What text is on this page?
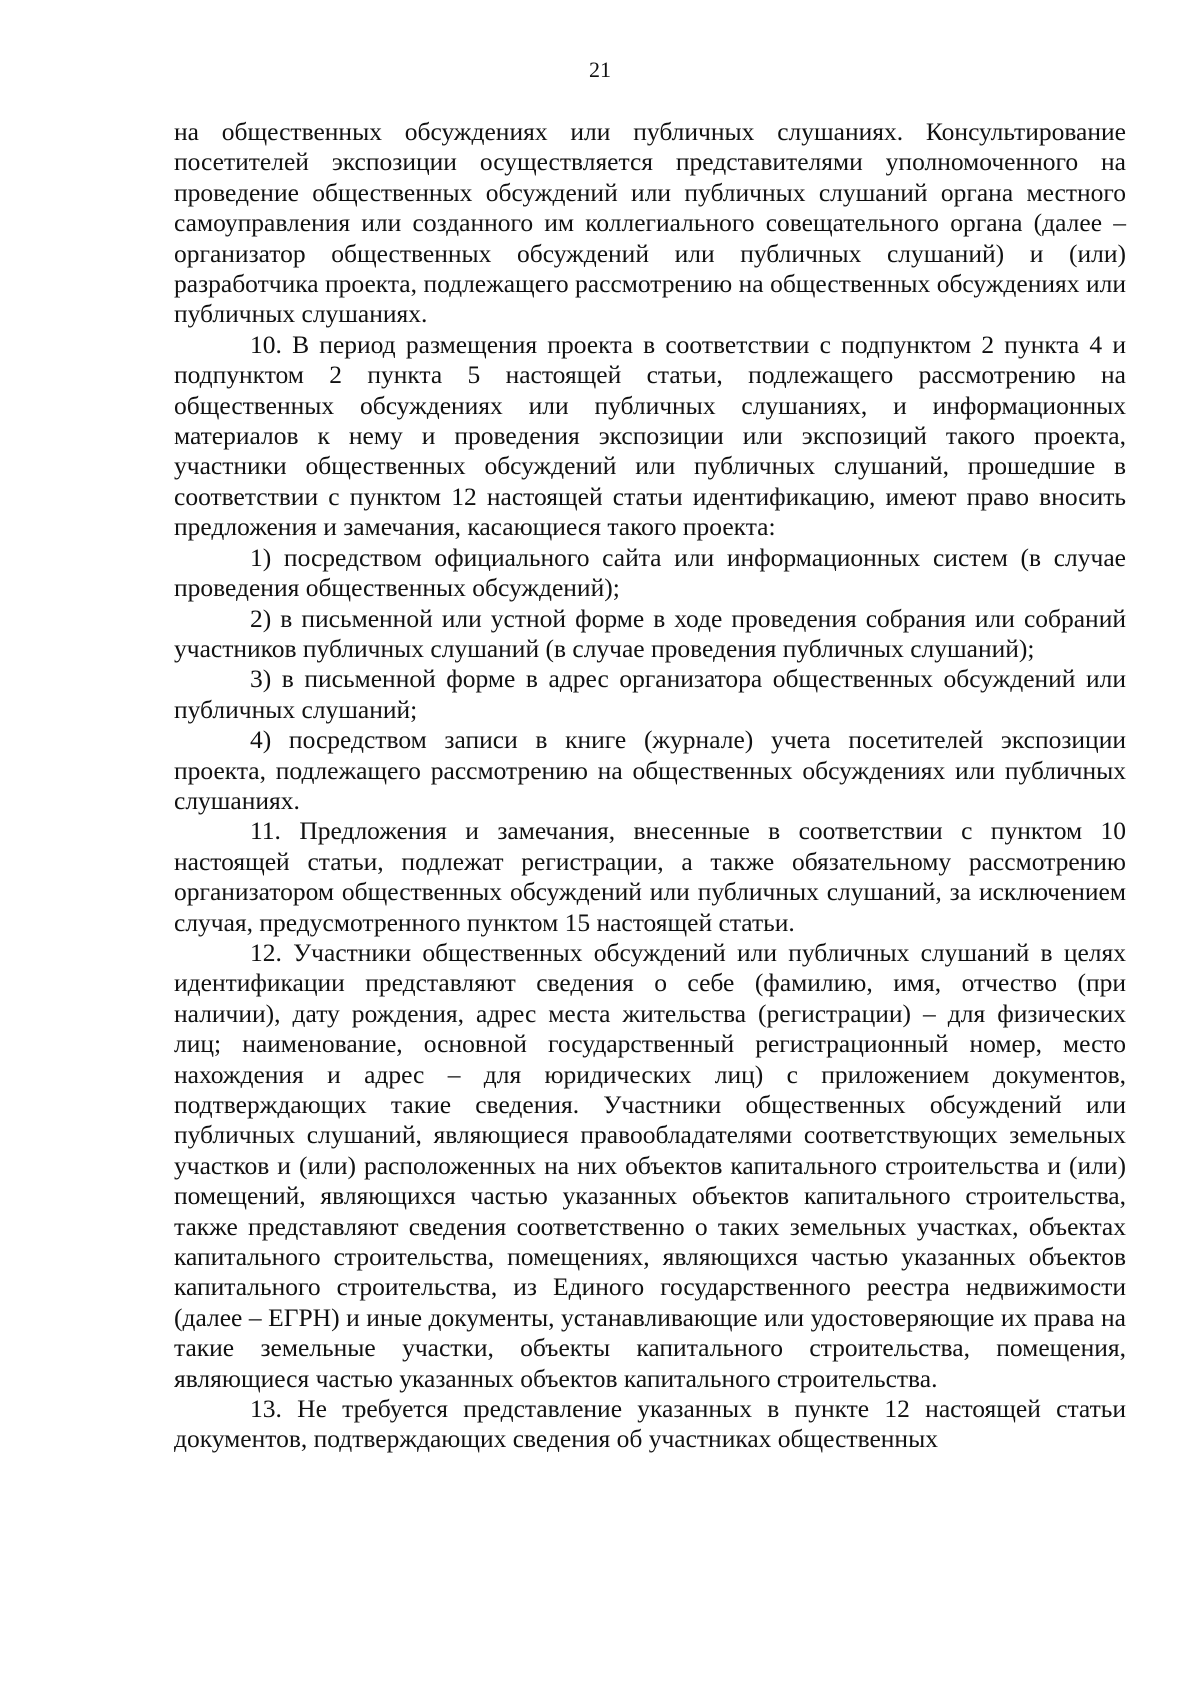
21

на общественных обсуждениях или публичных слушаниях. Консультирование посетителей экспозиции осуществляется представителями уполномоченного на проведение общественных обсуждений или публичных слушаний органа местного самоуправления или созданного им коллегиального совещательного органа (далее – организатор общественных обсуждений или публичных слушаний) и (или) разработчика проекта, подлежащего рассмотрению на общественных обсуждениях или публичных слушаниях.

10. В период размещения проекта в соответствии с подпунктом 2 пункта 4 и подпунктом 2 пункта 5 настоящей статьи, подлежащего рассмотрению на общественных обсуждениях или публичных слушаниях, и информационных материалов к нему и проведения экспозиции или экспозиций такого проекта, участники общественных обсуждений или публичных слушаний, прошедшие в соответствии с пунктом 12 настоящей статьи идентификацию, имеют право вносить предложения и замечания, касающиеся такого проекта:

1) посредством официального сайта или информационных систем (в случае проведения общественных обсуждений);

2) в письменной или устной форме в ходе проведения собрания или собраний участников публичных слушаний (в случае проведения публичных слушаний);

3) в письменной форме в адрес организатора общественных обсуждений или публичных слушаний;

4) посредством записи в книге (журнале) учета посетителей экспозиции проекта, подлежащего рассмотрению на общественных обсуждениях или публичных слушаниях.

11. Предложения и замечания, внесенные в соответствии с пунктом 10 настоящей статьи, подлежат регистрации, а также обязательному рассмотрению организатором общественных обсуждений или публичных слушаний, за исключением случая, предусмотренного пунктом 15 настоящей статьи.

12. Участники общественных обсуждений или публичных слушаний в целях идентификации представляют сведения о себе (фамилию, имя, отчество (при наличии), дату рождения, адрес места жительства (регистрации) – для физических лиц; наименование, основной государственный регистрационный номер, место нахождения и адрес – для юридических лиц) с приложением документов, подтверждающих такие сведения. Участники общественных обсуждений или публичных слушаний, являющиеся правообладателями соответствующих земельных участков и (или) расположенных на них объектов капитального строительства и (или) помещений, являющихся частью указанных объектов капитального строительства, также представляют сведения соответственно о таких земельных участках, объектах капитального строительства, помещениях, являющихся частью указанных объектов капитального строительства, из Единого государственного реестра недвижимости (далее – ЕГРН) и иные документы, устанавливающие или удостоверяющие их права на такие земельные участки, объекты капитального строительства, помещения, являющиеся частью указанных объектов капитального строительства.

13. Не требуется представление указанных в пункте 12 настоящей статьи документов, подтверждающих сведения об участниках общественных
